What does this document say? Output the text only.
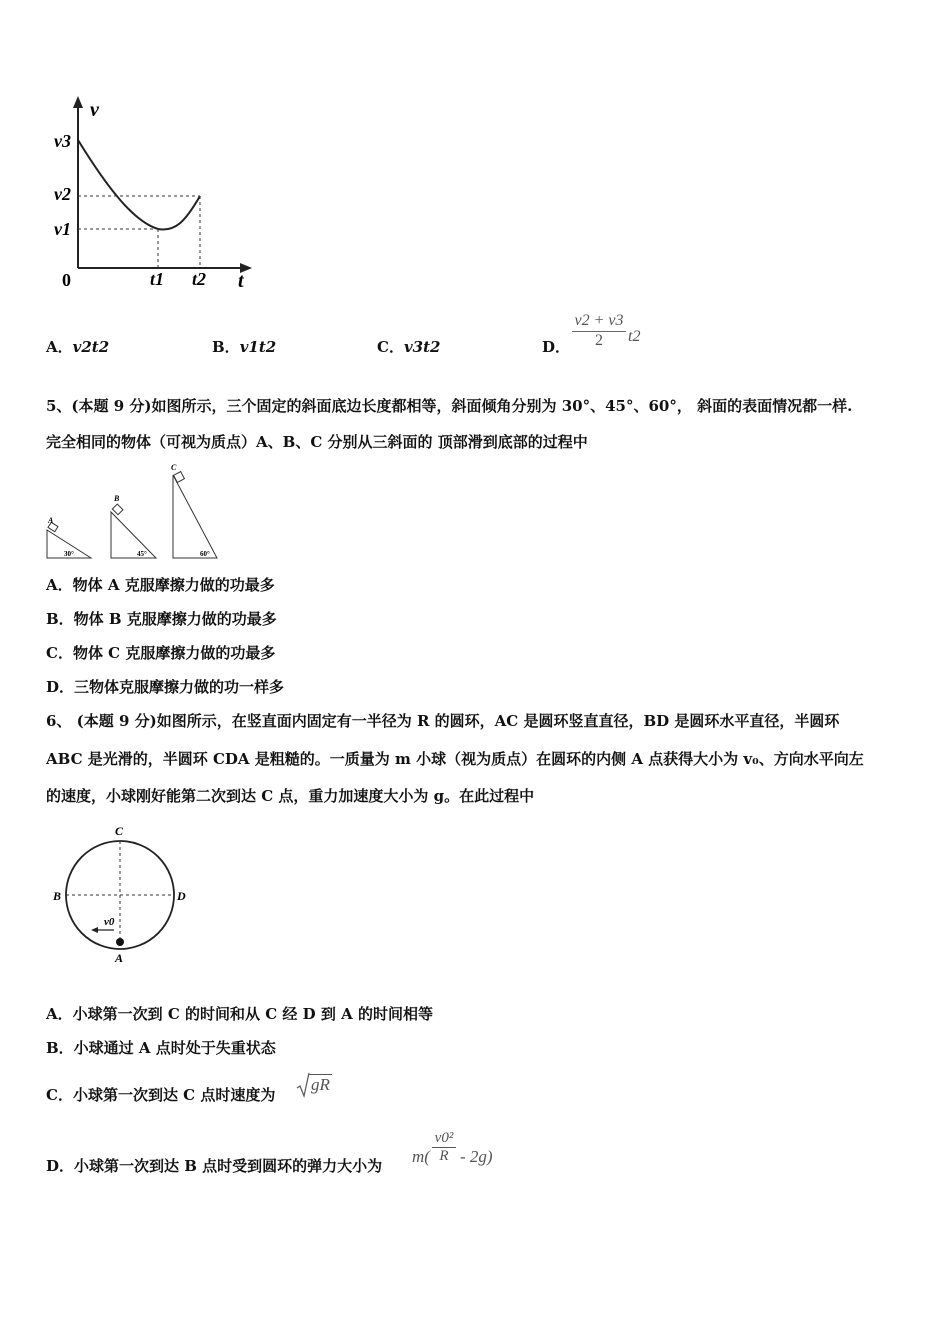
v
v3
v2
v1
0	t1 t2 t
A．v2t2	B．v1t2	C．v3t2	D． $\frac{v2 + v3}{2} t2$
5、(本题 9 分)如图所示，三个固定的斜面底边长度都相等，斜面倾角分别为 30°、45°、60°， 斜面的表面情况都一样.
完全相同的物体（可视为质点）A、B、C 分别从三斜面的 顶部滑到底部的过程中
A
30°
B
45°
C
60°
A．物体 A 克服摩擦力做的功最多
B．物体 B 克服摩擦力做的功最多
C．物体 C 克服摩擦力做的功最多
D．三物体克服摩擦力做的功一样多
6、 (本题 9 分)如图所示，在竖直面内固定有一半径为 R 的圆环，AC 是圆环竖直直径，BD 是圆环水平直径，半圆环
ABC 是光滑的，半圆环 CDA 是粗糙的。一质量为 m 小球（视为质点）在圆环的内侧 A 点获得大小为 v₀、方向水平向左
的速度，小球刚好能第二次到达 C 点，重力加速度大小为 g。在此过程中
C
B	D
v0
A
A．小球第一次到 C 的时间和从 C 经 D 到 A 的时间相等
B．小球通过 A 点时处于失重状态
C．小球第一次到达 C 点时速度为
gR
D．小球第一次到达 B 点时受到圆环的弹力大小为 $m( \frac{\text{v0²}}{R} - 2g)$
